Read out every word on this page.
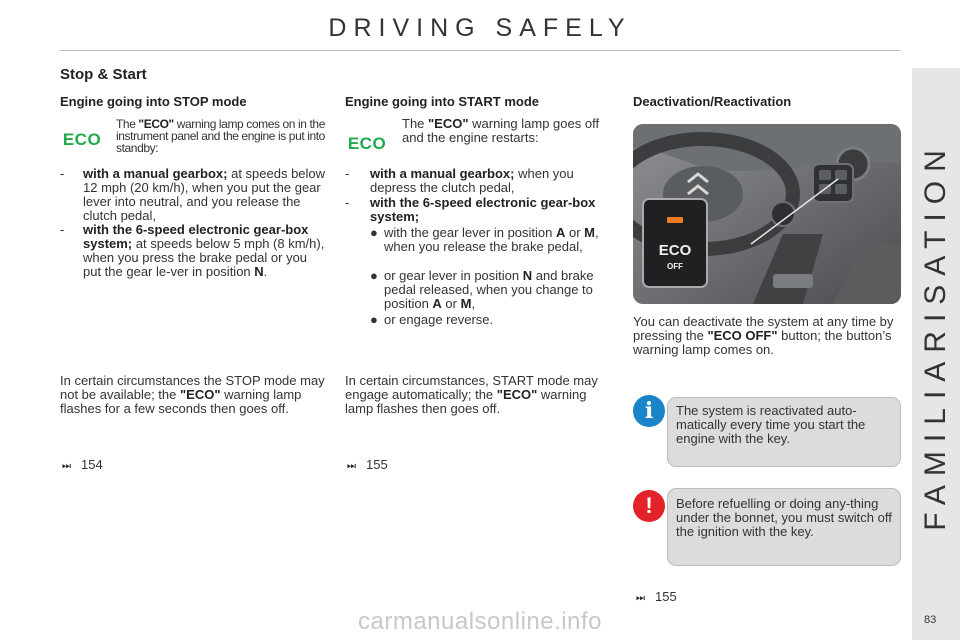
DRIVING SAFELY
FAMILIARISATION
Stop & Start
Engine going into STOP mode
ECO
The "ECO" warning lamp comes on in the instrument panel and the engine is put into standby:
- with a manual gearbox; at speeds below 12 mph (20 km/h), when you put the gear lever into neutral, and you release the clutch pedal,
- with the 6-speed electronic gear-box system; at speeds below 5 mph (8 km/h), when you press the brake pedal or you put the gear le-ver in position N.
In certain circumstances the STOP mode may not be available; the "ECO" warning lamp flashes for a few seconds then goes off.
⏭ 154
Engine going into START mode
ECO
The "ECO" warning lamp goes off and the engine restarts:
- with a manual gearbox; when you depress the clutch pedal,
- with the 6-speed electronic gear-box system;
● with the gear lever in position A or M, when you release the brake pedal,
● or gear lever in position N and brake pedal released, when you change to position A or M,
● or engage reverse.
In certain circumstances, START mode may engage automatically; the "ECO" warning lamp flashes then goes off.
⏭ 155
Deactivation/Reactivation
ECO
OFF
You can deactivate the system at any time by pressing the "ECO OFF" button; the button’s warning lamp comes on.
i	The system is reactivated auto-matically every time you start the engine with the key.
!	Before refuelling or doing any-thing under the bonnet, you must switch off the ignition with the key.
⏭ 155
carmanualsonline.info	83
